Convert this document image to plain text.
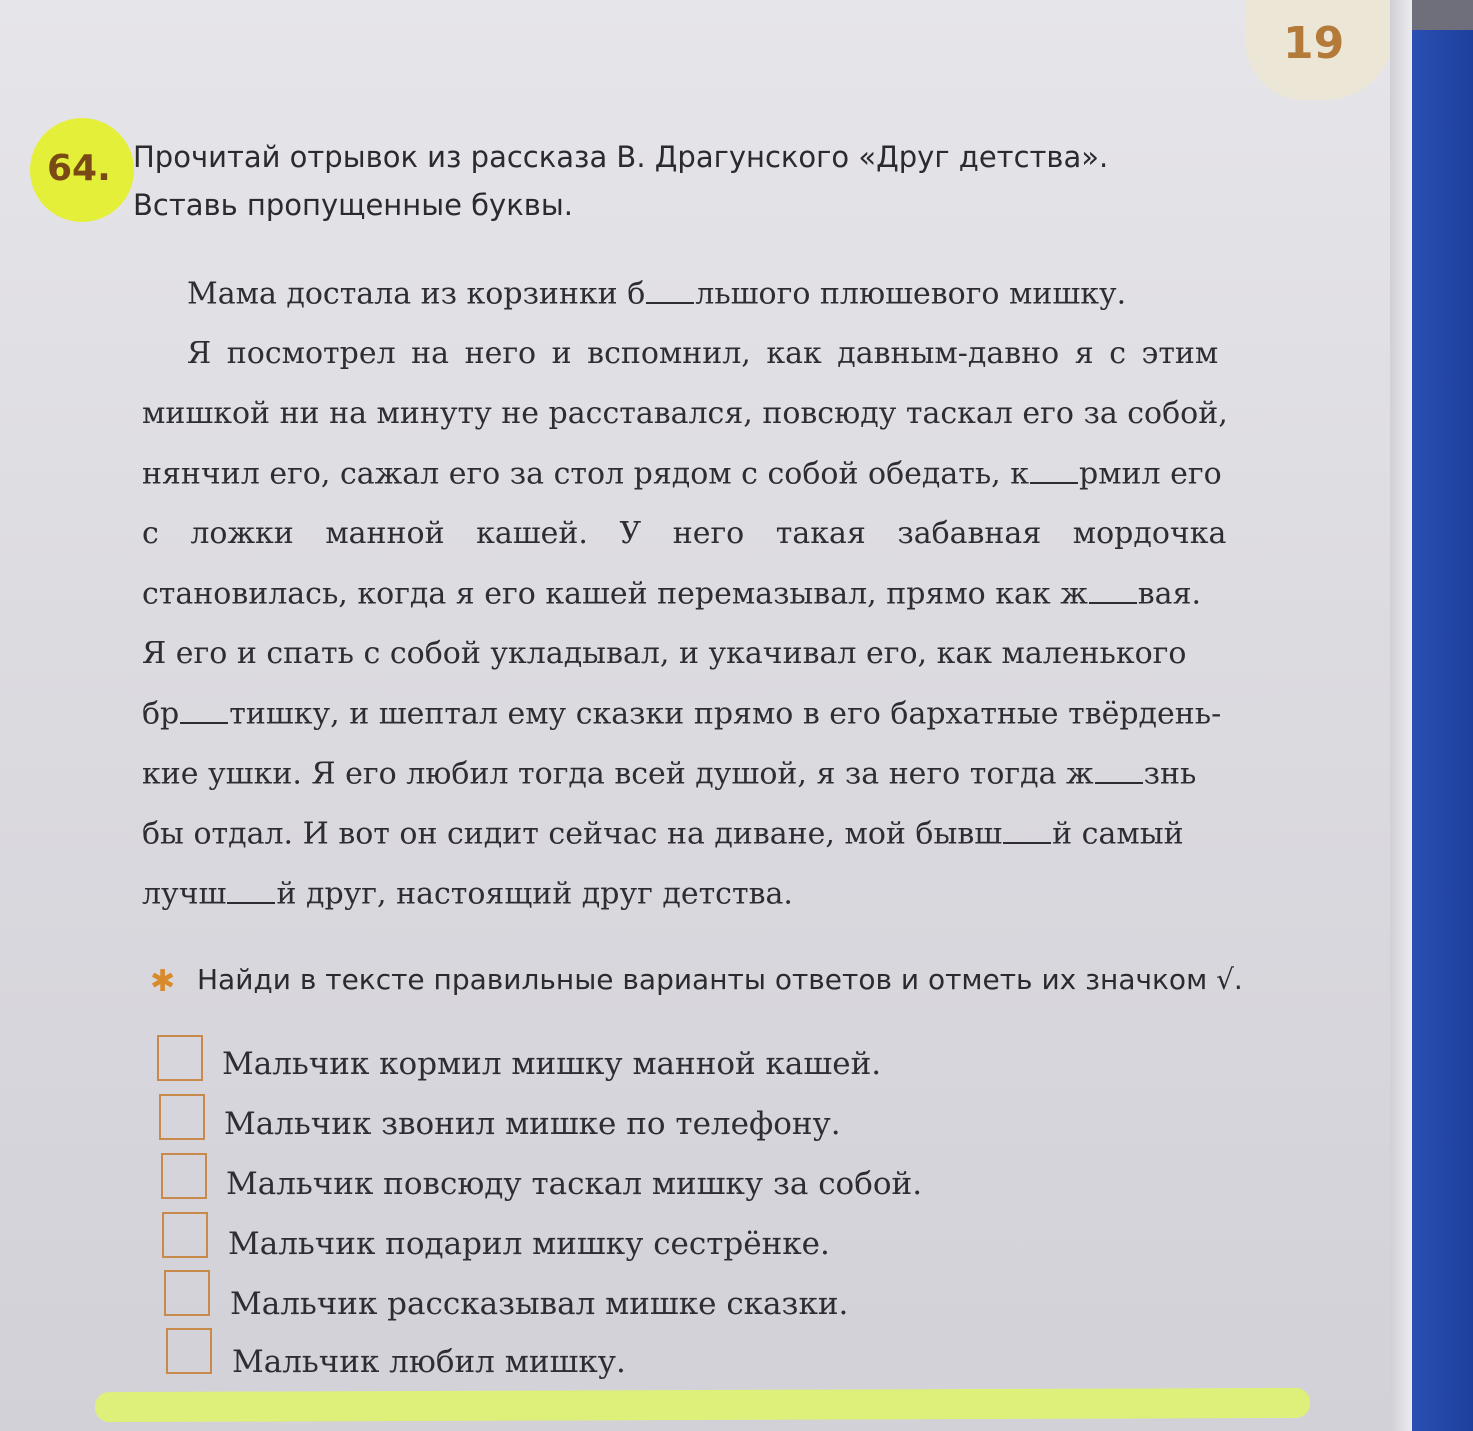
19
64. Прочитай отрывок из рассказа В. Драгунского «Друг детства».
Вставь пропущенные буквы.
Мама достала из корзинки б льшого плюшевого мишку.
Я посмотрел на него и вспомнил, как давным-давно я с этим
мишкой ни на минуту не расставался, повсюду таскал его за собой,
нянчил его, сажал его за стол рядом с собой обедать, к рмил его
с ложки манной кашей. У него такая забавная мордочка
становилась, когда я его кашей перемазывал, прямо как ж вая.
Я его и спать с собой укладывал, и укачивал его, как маленького
бр тишку, и шептал ему сказки прямо в его бархатные твёрдень-
кие ушки. Я его любил тогда всей душой, я за него тогда ж знь
бы отдал. И вот он сидит сейчас на диване, мой бывш й самый
лучш й друг, настоящий друг детства.
✱ Найди в тексте правильные варианты ответов и отметь их значком √.
Мальчик кормил мишку манной кашей.
Мальчик звонил мишке по телефону.
Мальчик повсюду таскал мишку за собой.
Мальчик подарил мишку сестрёнке.
Мальчик рассказывал мишке сказки.
Мальчик любил мишку.
